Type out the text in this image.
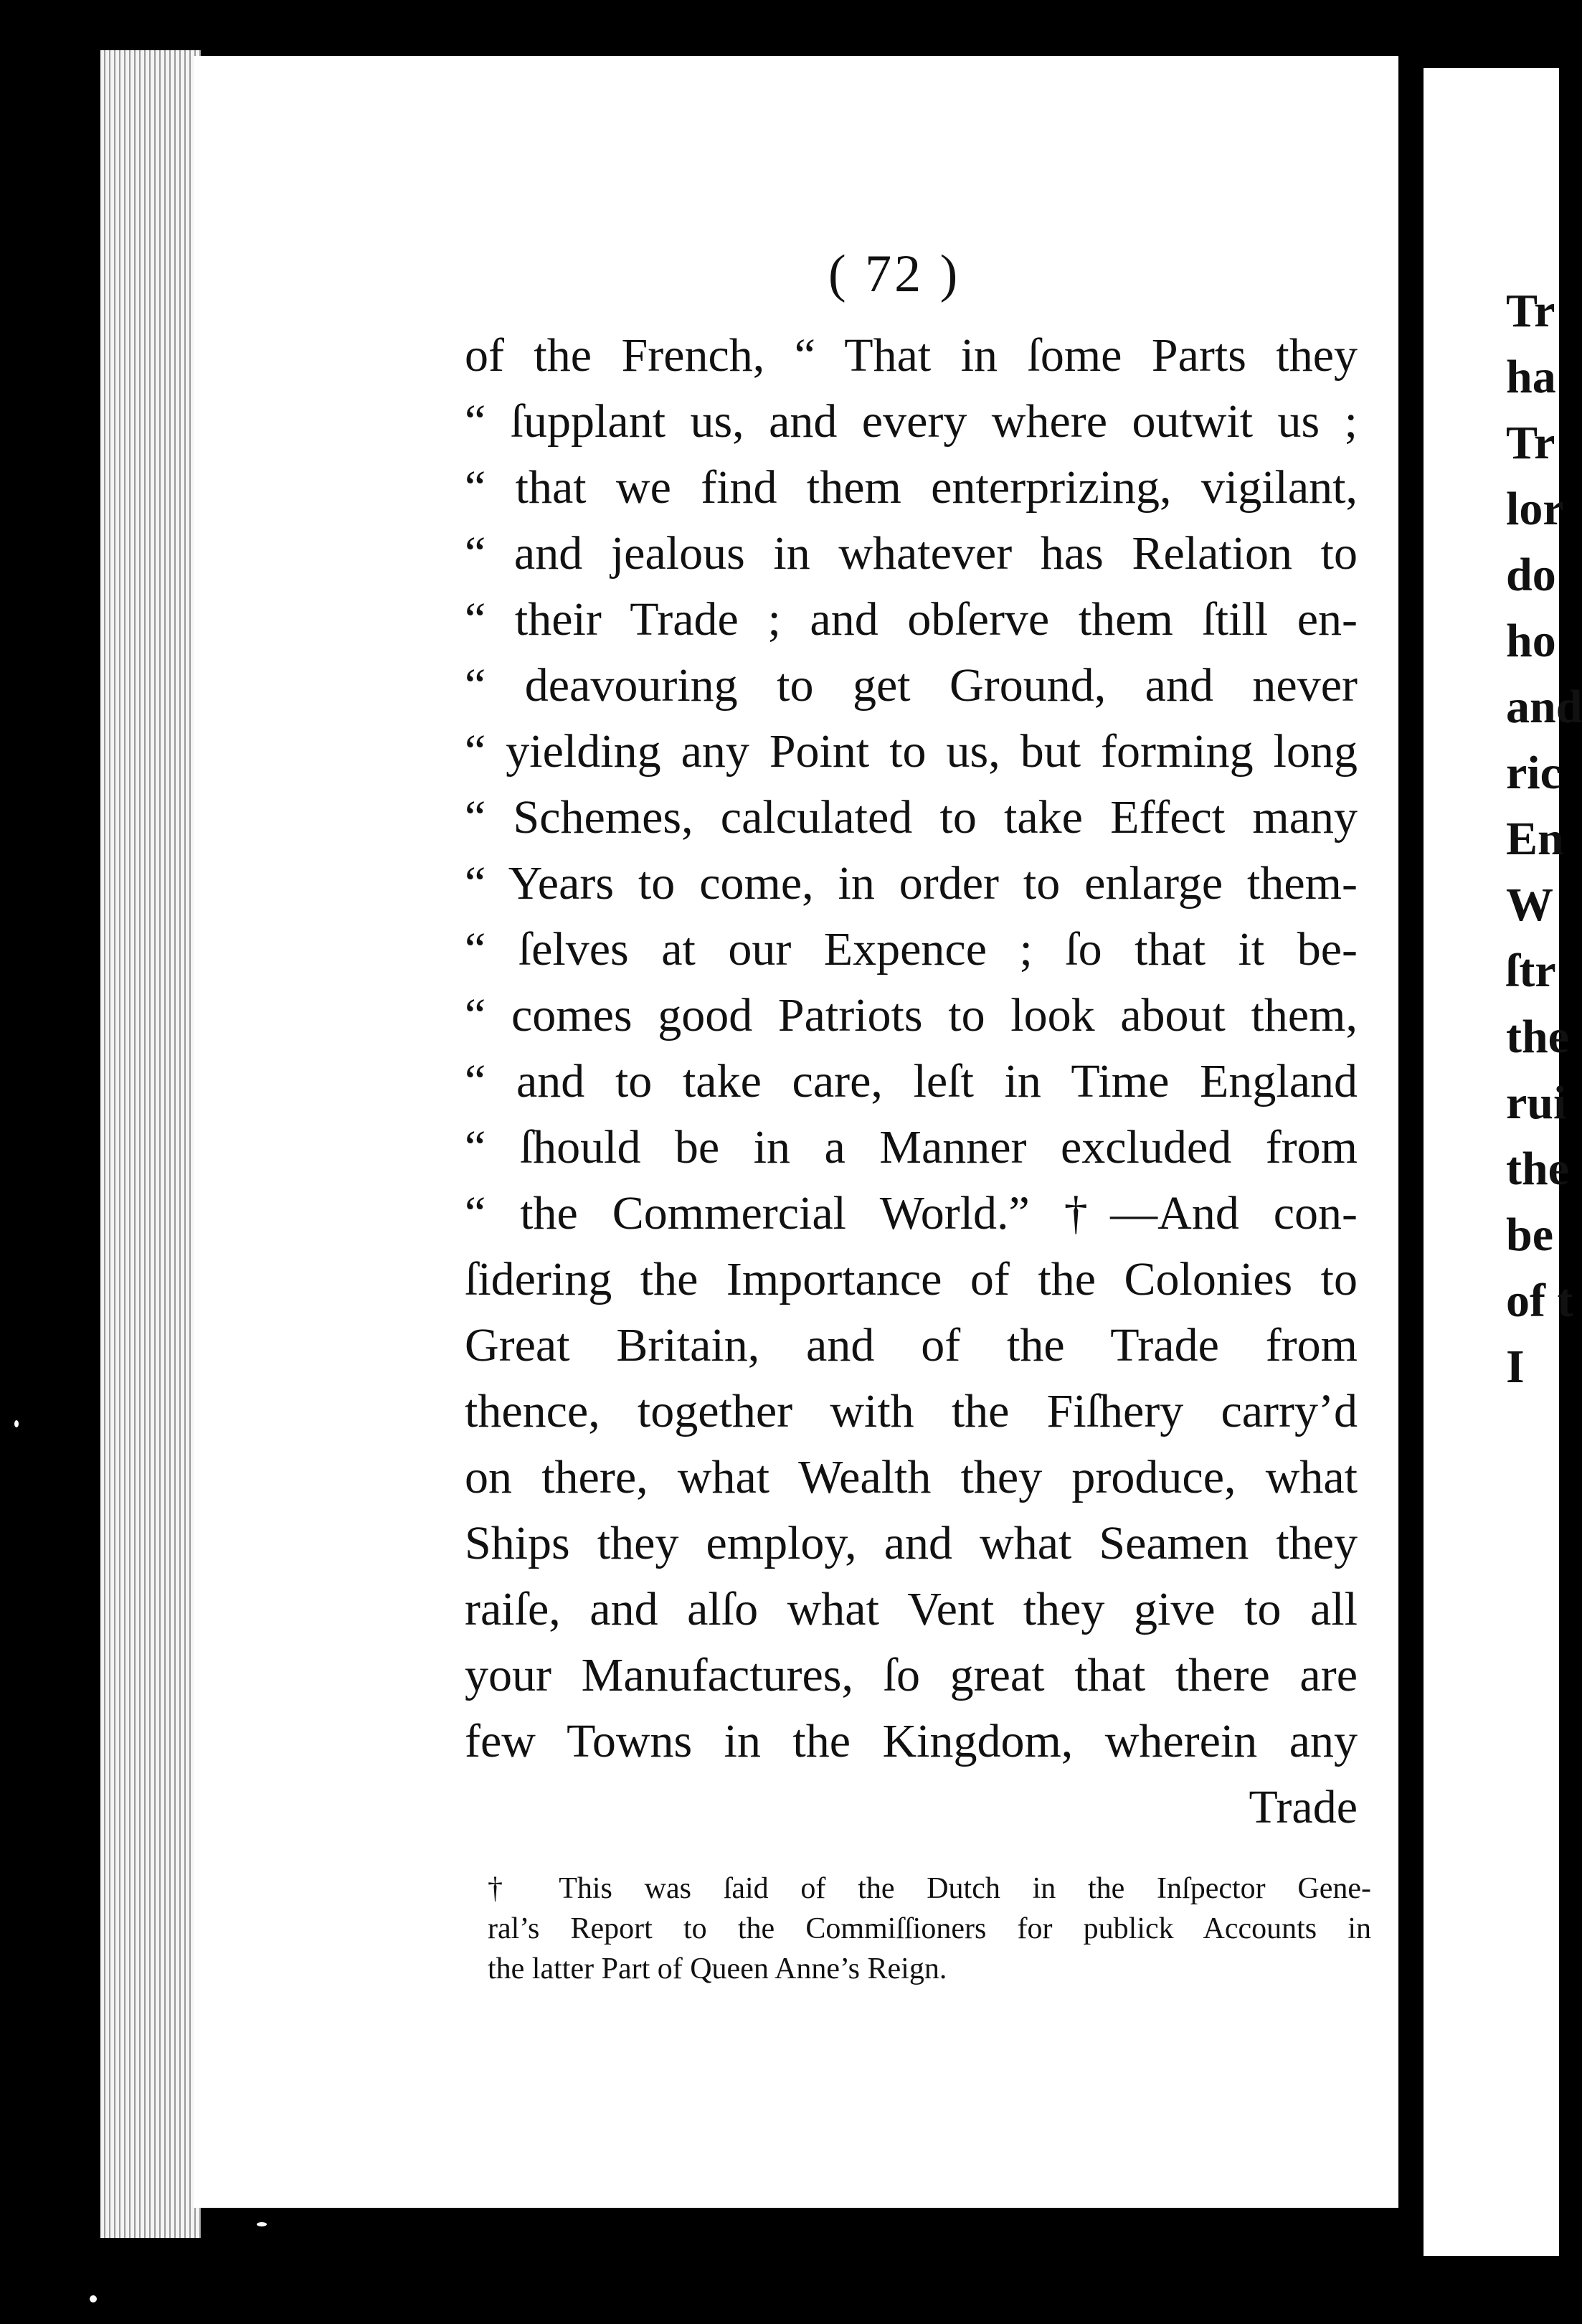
( 72 )
of the French, “ That in ſome Parts they
“ ſupplant us, and every where outwit us ;
“ that we find them enterprizing, vigilant,
“ and jealous in whatever has Relation to
“ their Trade ; and obſerve them ſtill en-
“ deavouring to get Ground, and never
“ yielding any Point to us, but forming long
“ Schemes, calculated to take Effect many
“ Years to come, in order to enlarge them-
“ ſelves at our Expence ; ſo that it be-
“ comes good Patriots to look about them,
“ and to take care, leſt in Time England
“ ſhould be in a Manner excluded from
“ the Commercial World.” †—And con-
ſidering the Importance of the Colonies to
Great Britain, and of the Trade from
thence, together with the Fiſhery carry’d
on there, what Wealth they produce, what
Ships they employ, and what Seamen they
raiſe, and alſo what Vent they give to all
your Manufactures, ſo great that there are
few Towns in the Kingdom, wherein any
Trade
† This was ſaid of the Dutch in the Inſpector Gene-
ral’s Report to the Commiſſioners for publick Accounts in
the latter Part of Queen Anne’s Reign.
Tr
ha
Tr
lor
do
ho
and
ric
En
W
ſtr
the
rui
the
be
of t
I
